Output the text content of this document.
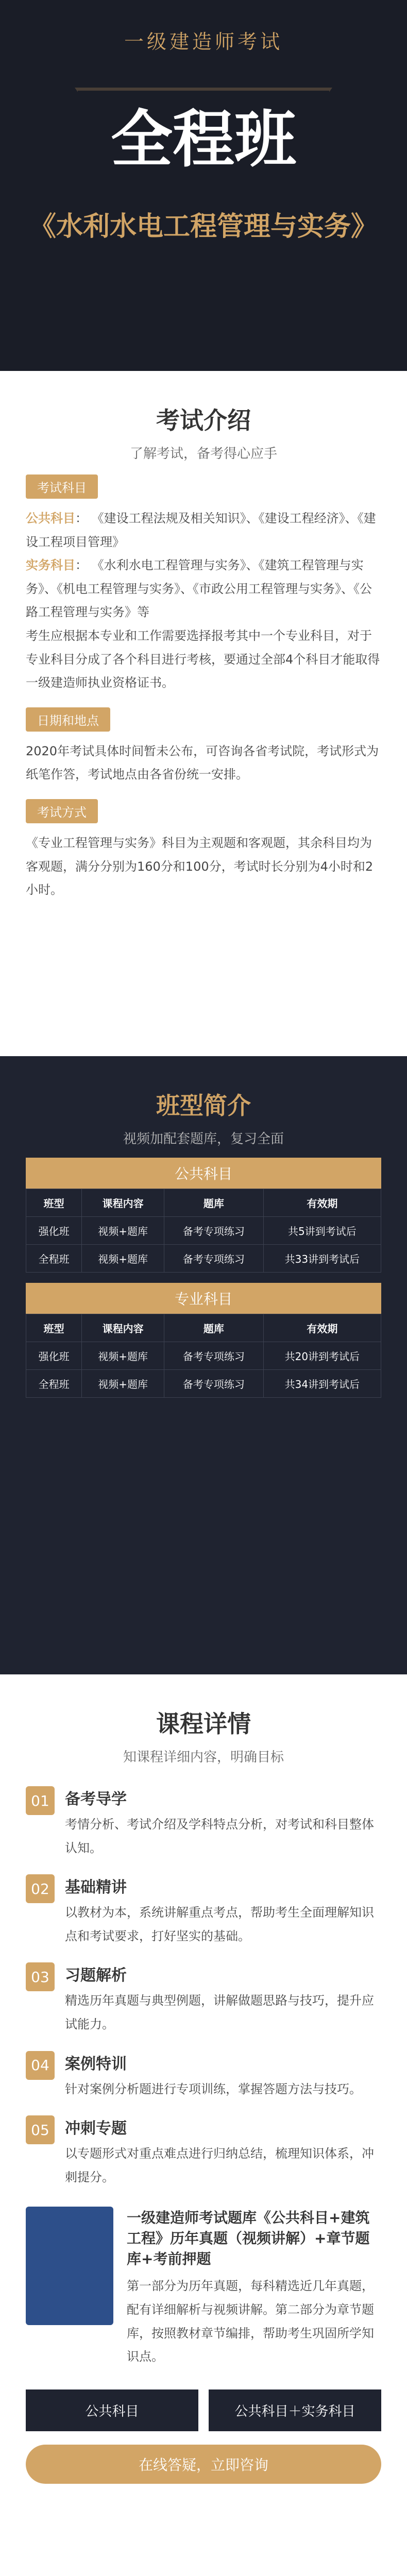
一级建造师考试
全程班
《水利水电工程管理与实务》
考试介绍
了解考试，备考得心应手
考试科目
公共科目： 《建设工程法规及相关知识》、《建设工程经济》、《建设工程项目管理》
实务科目： 《水利水电工程管理与实务》、《建筑工程管理与实务》、《机电工程管理与实务》、《市政公用工程管理与实务》、《公路工程管理与实务》等
考生应根据本专业和工作需要选择报考其中一个专业科目，对于专业科目分成了各个科目进行考核，要通过全部4个科目才能取得一级建造师执业资格证书。
日期和地点
2020年考试具体时间暂未公布，可咨询各省考试院，考试形式为纸笔作答，考试地点由各省份统一安排。
考试方式
《专业工程管理与实务》科目为主观题和客观题，其余科目均为客观题，满分分别为160分和100分，考试时长分别为4小时和2小时。
班型简介
视频加配套题库，复习全面
公共科目
班型	课程内容	题库	有效期
强化班	视频+题库	备考专项练习	共5讲到考试后
全程班	视频+题库	备考专项练习	共33讲到考试后
专业科目
班型	课程内容	题库	有效期
强化班	视频+题库	备考专项练习	共20讲到考试后
全程班	视频+题库	备考专项练习	共34讲到考试后
课程详情
知课程详细内容，明确目标
01	备考导学
考情分析、考试介绍及学科特点分析，对考试和科目整体认知。
02	基础精讲
以教材为本，系统讲解重点考点，帮助考生全面理解知识点和考试要求，打好坚实的基础。
03	习题解析
精选历年真题与典型例题，讲解做题思路与技巧，提升应试能力。
04	案例特训
针对案例分析题进行专项训练，掌握答题方法与技巧。
05	冲刺专题
以专题形式对重点难点进行归纳总结，梳理知识体系，冲刺提分。
一级建造师考试题库《公共科目+建筑工程》历年真题（视频讲解）+章节题库+考前押题
第一部分为历年真题，每科精选近几年真题，配有详细解析与视频讲解。第二部分为章节题库，按照教材章节编排，帮助考生巩固所学知识点。
公共科目	公共科目＋实务科目
在线答疑，立即咨询
